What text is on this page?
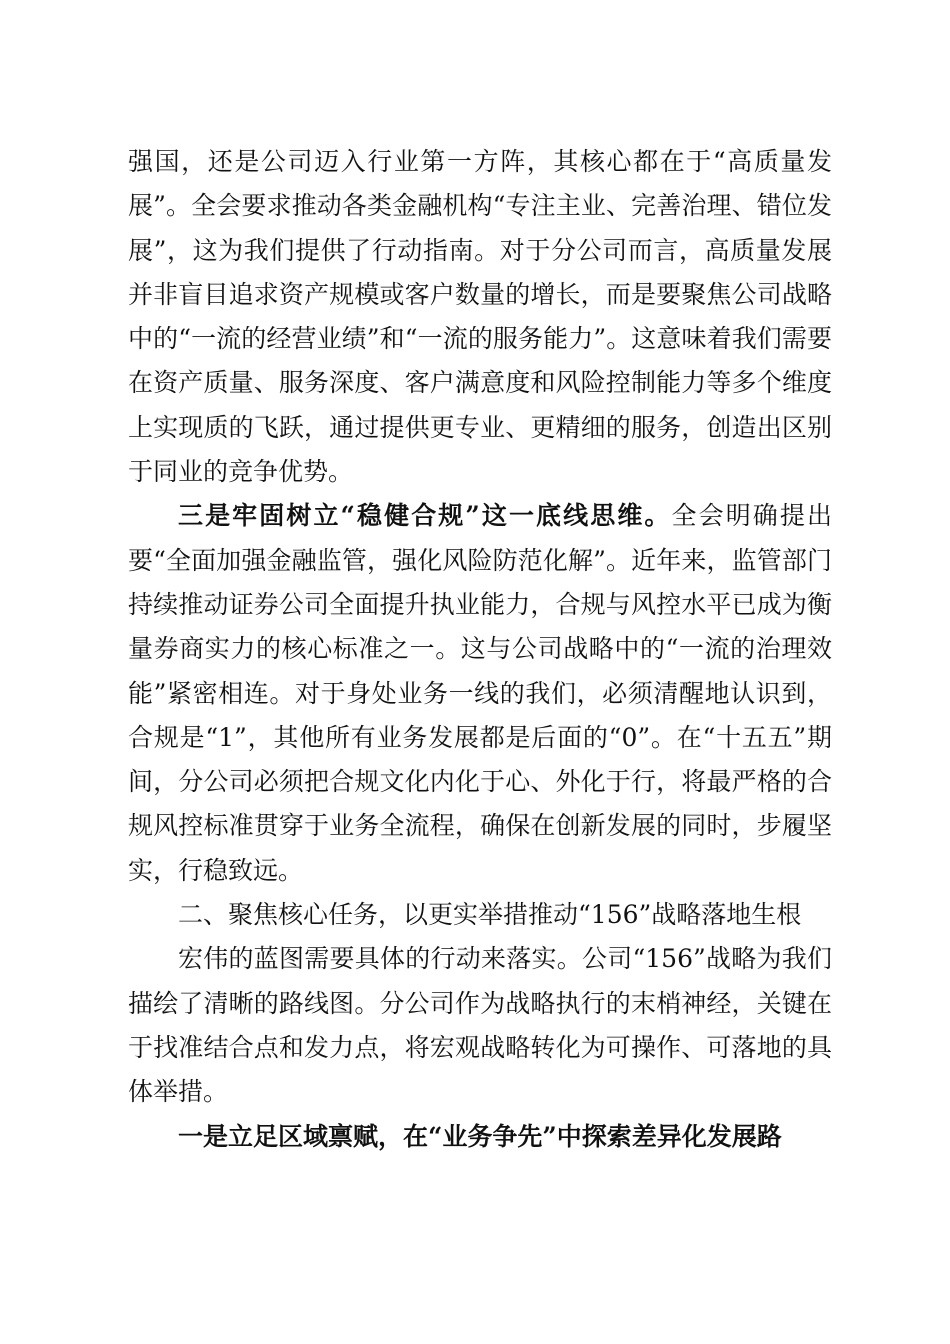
强国，还是公司迈入行业第一方阵，其核心都在于“高质量发展”。全会要求推动各类金融机构“专注主业、完善治理、错位发展”，这为我们提供了行动指南。对于分公司而言，高质量发展并非盲目追求资产规模或客户数量的增长，而是要聚焦公司战略中的“一流的经营业绩”和“一流的服务能力”。这意味着我们需要在资产质量、服务深度、客户满意度和风险控制能力等多个维度上实现质的飞跃，通过提供更专业、更精细的服务，创造出区别于同业的竞争优势。

三是牢固树立“稳健合规”这一底线思维。全会明确提出要“全面加强金融监管，强化风险防范化解”。近年来，监管部门持续推动证券公司全面提升执业能力，合规与风控水平已成为衡量券商实力的核心标准之一。这与公司战略中的“一流的治理效能”紧密相连。对于身处业务一线的我们，必须清醒地认识到，合规是“1”，其他所有业务发展都是后面的“0”。在“十五五”期间，分公司必须把合规文化内化于心、外化于行，将最严格的合规风控标准贯穿于业务全流程，确保在创新发展的同时，步履坚实，行稳致远。

二、聚焦核心任务，以更实举措推动“156”战略落地生根

宏伟的蓝图需要具体的行动来落实。公司“156”战略为我们描绘了清晰的路线图。分公司作为战略执行的末梢神经，关键在于找准结合点和发力点，将宏观战略转化为可操作、可落地的具体举措。

一是立足区域禀赋，在“业务争先”中探索差异化发展路
